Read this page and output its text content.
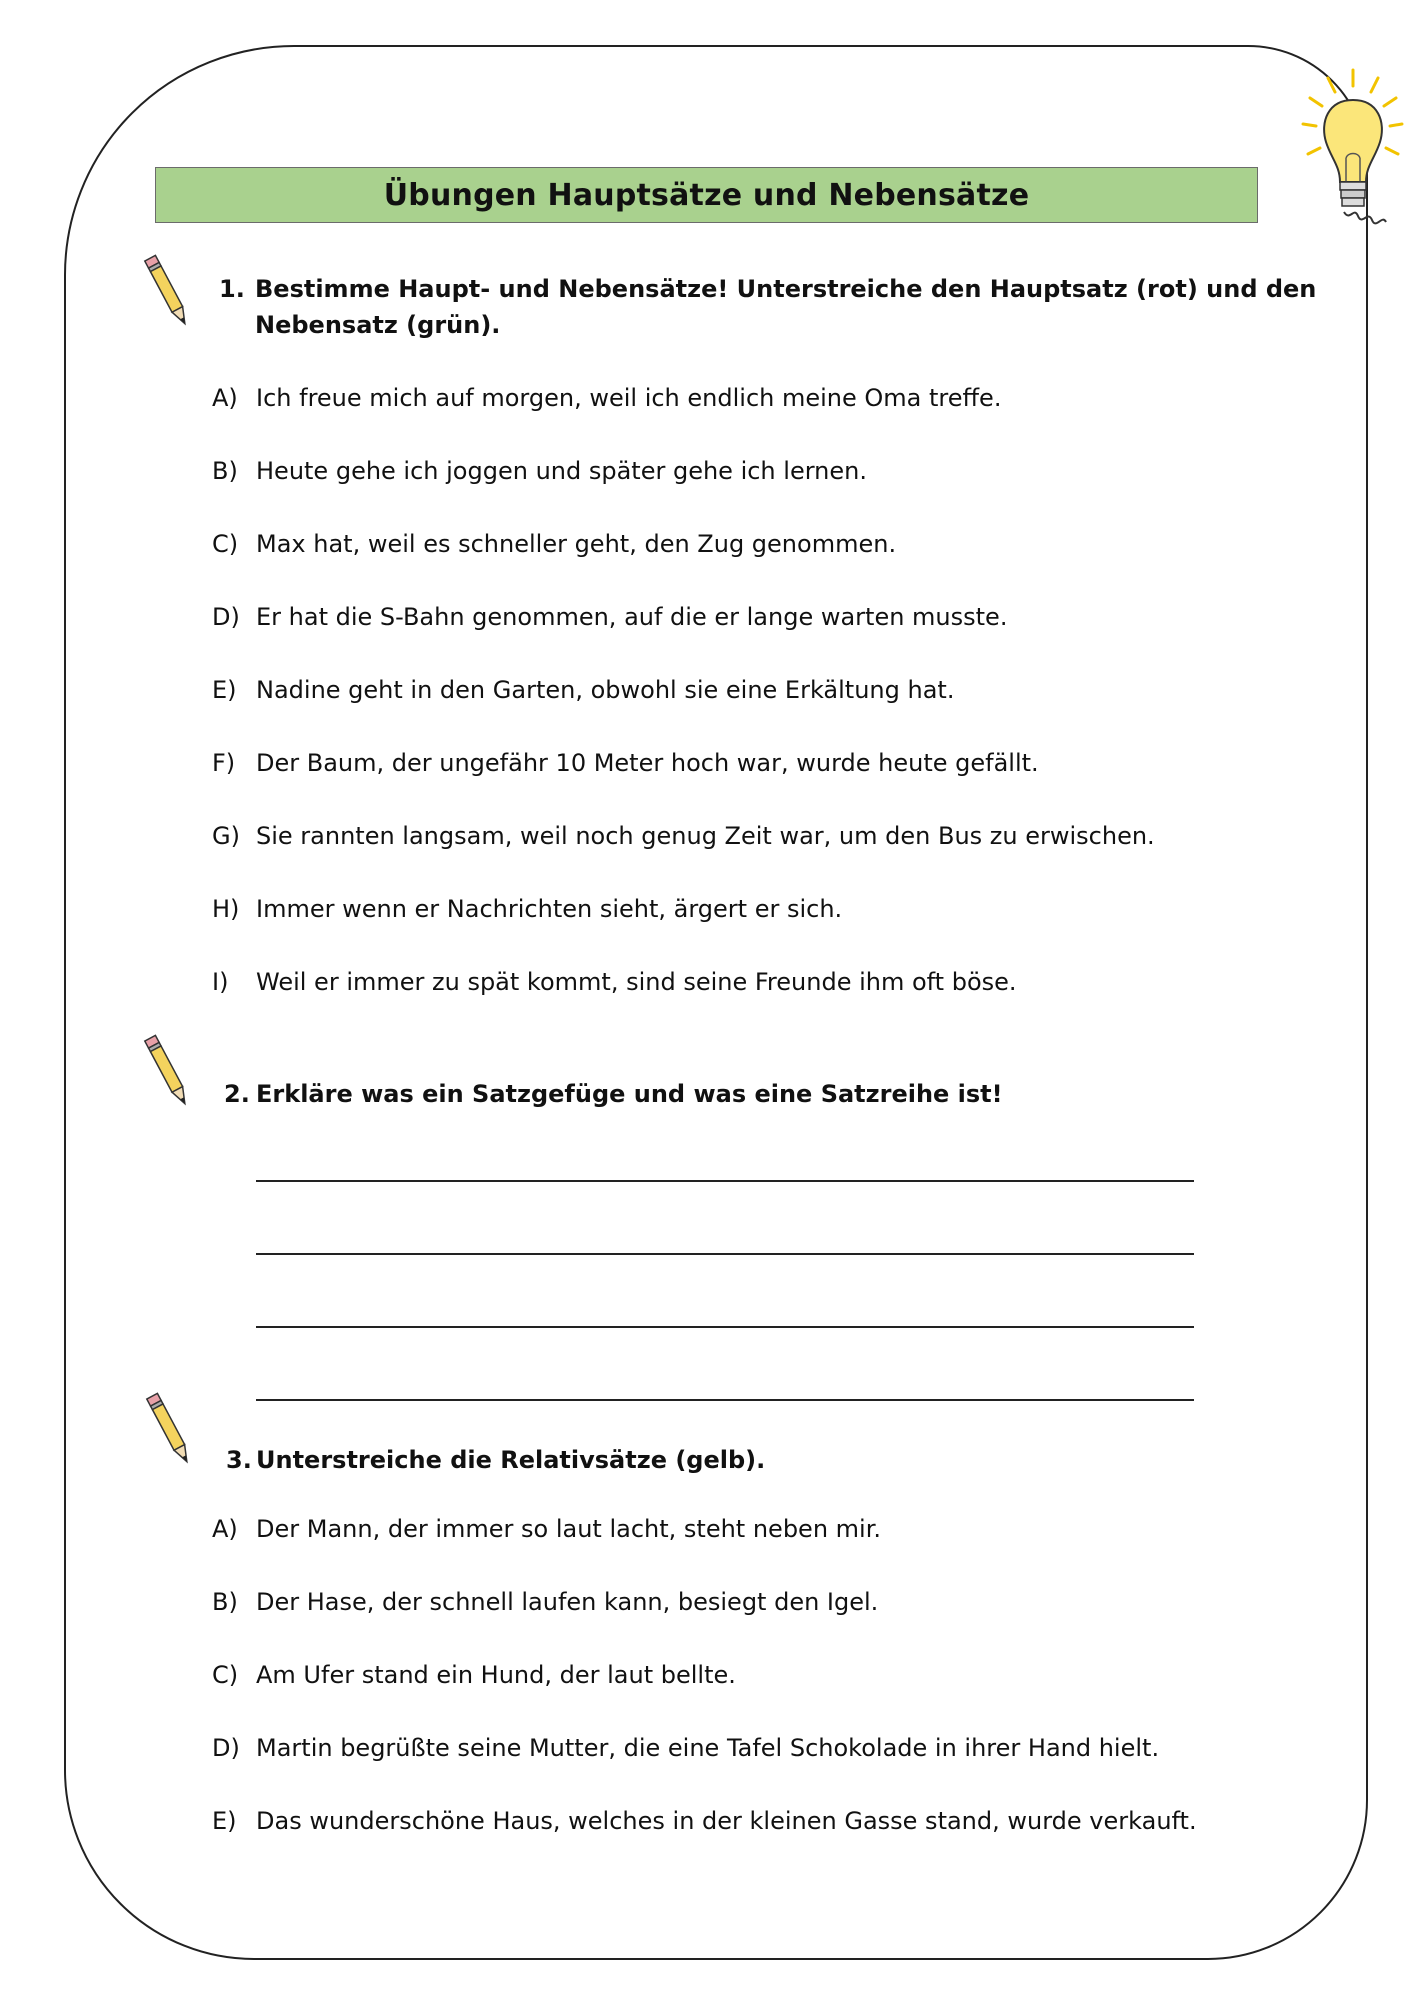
Übungen Hauptsätze und Nebensätze
1. Bestimme Haupt- und Nebensätze! Unterstreiche den Hauptsatz (rot) und den
Nebensatz (grün).
A) Ich freue mich auf morgen, weil ich endlich meine Oma treffe.
B) Heute gehe ich joggen und später gehe ich lernen.
C) Max hat, weil es schneller geht, den Zug genommen.
D) Er hat die S-Bahn genommen, auf die er lange warten musste.
E) Nadine geht in den Garten, obwohl sie eine Erkältung hat.
F) Der Baum, der ungefähr 10 Meter hoch war, wurde heute gefällt.
G) Sie rannten langsam, weil noch genug Zeit war, um den Bus zu erwischen.
H) Immer wenn er Nachrichten sieht, ärgert er sich.
I) Weil er immer zu spät kommt, sind seine Freunde ihm oft böse.
2. Erkläre was ein Satzgefüge und was eine Satzreihe ist!
3. Unterstreiche die Relativsätze (gelb).
A) Der Mann, der immer so laut lacht, steht neben mir.
B) Der Hase, der schnell laufen kann, besiegt den Igel.
C) Am Ufer stand ein Hund, der laut bellte.
D) Martin begrüßte seine Mutter, die eine Tafel Schokolade in ihrer Hand hielt.
E) Das wunderschöne Haus, welches in der kleinen Gasse stand, wurde verkauft.
